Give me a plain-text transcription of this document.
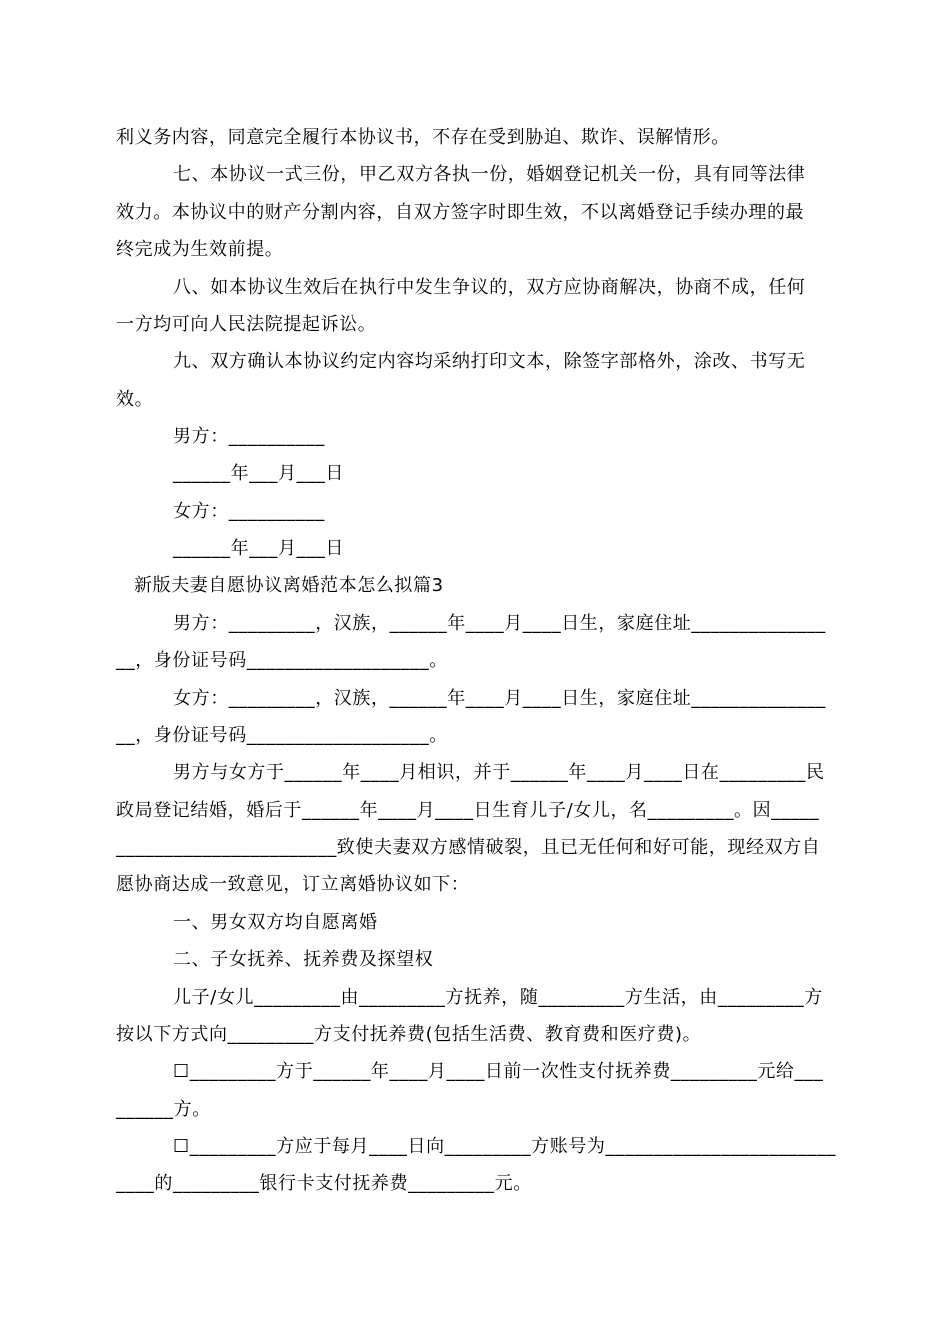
利义务内容，同意完全履行本协议书，不存在受到胁迫、欺诈、误解情形。
七、本协议一式三份，甲乙双方各执一份，婚姻登记机关一份，具有同等法律
效力。本协议中的财产分割内容，自双方签字时即生效，不以离婚登记手续办理的最
终完成为生效前提。
八、如本协议生效后在执行中发生争议的，双方应协商解决，协商不成，任何
一方均可向人民法院提起诉讼。
九、双方确认本协议约定内容均采纳打印文本，除签字部格外，涂改、书写无
效。
男方：__________
______年___月___日
女方：__________
______年___月___日
新版夫妻自愿协议离婚范本怎么拟篇3
男方：_________，汉族，______年____月____日生，家庭住址______________
__，身份证号码___________________。
女方：_________，汉族，______年____月____日生，家庭住址______________
__，身份证号码___________________。
男方与女方于______年____月相识，并于______年____月____日在_________民
政局登记结婚，婚后于______年____月____日生育儿子/女儿，名_________。因_____
_______________________致使夫妻双方感情破裂，且已无任何和好可能，现经双方自
愿协商达成一致意见，订立离婚协议如下：
一、男女双方均自愿离婚
二、子女抚养、抚养费及探望权
儿子/女儿_________由_________方抚养，随_________方生活，由_________方
按以下方式向_________方支付抚养费(包括生活费、教育费和医疗费)。
☐_________方于______年____月____日前一次性支付抚养费_________元给___
______方。
☐_________方应于每月____日向_________方账号为________________________
____的_________银行卡支付抚养费_________元。
